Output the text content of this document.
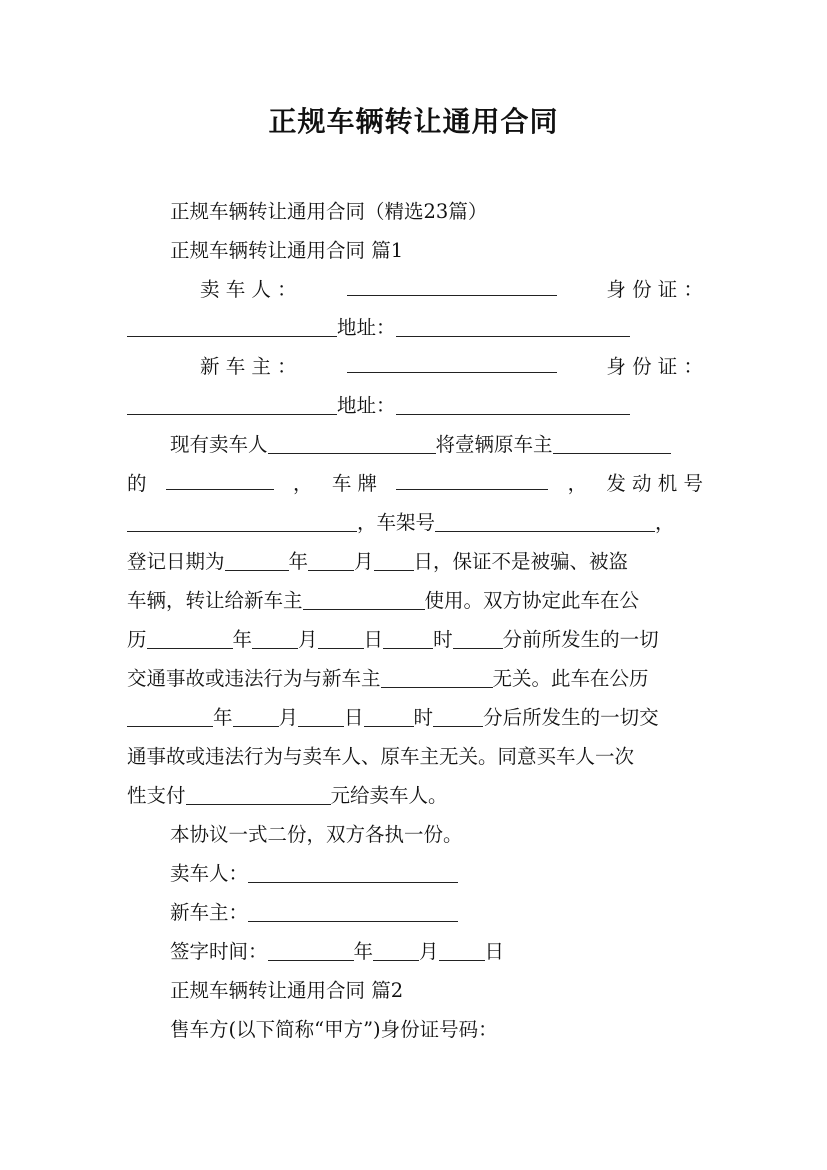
正规车辆转让通用合同
正规车辆转让通用合同（精选23篇）
正规车辆转让通用合同 篇1
卖 车 人 ：	身 份 证 ：
地址：
新 车 主 ：	身 份 证 ：
地址：
现有卖车人	将壹辆原车主
的	， 车 牌	， 发 动 机 号
，车架号	，
登记日期为	年 月 日，保证不是被骗、被盗
车辆，转让给新车主	使用。双方协定此车在公
历	年 月 日	时	分前所发生的一切
交通事故或违法行为与新车主	无关。此车在公历
年 月 日	时	分后所发生的一切交
通事故或违法行为与卖车人、原车主无关。同意买车人一次
性支付	元给卖车人。
本协议一式二份，双方各执一份。
卖车人：
新车主：
签字时间：	年 月 日
正规车辆转让通用合同 篇2
售车方(以下简称“甲方”)身份证号码：
